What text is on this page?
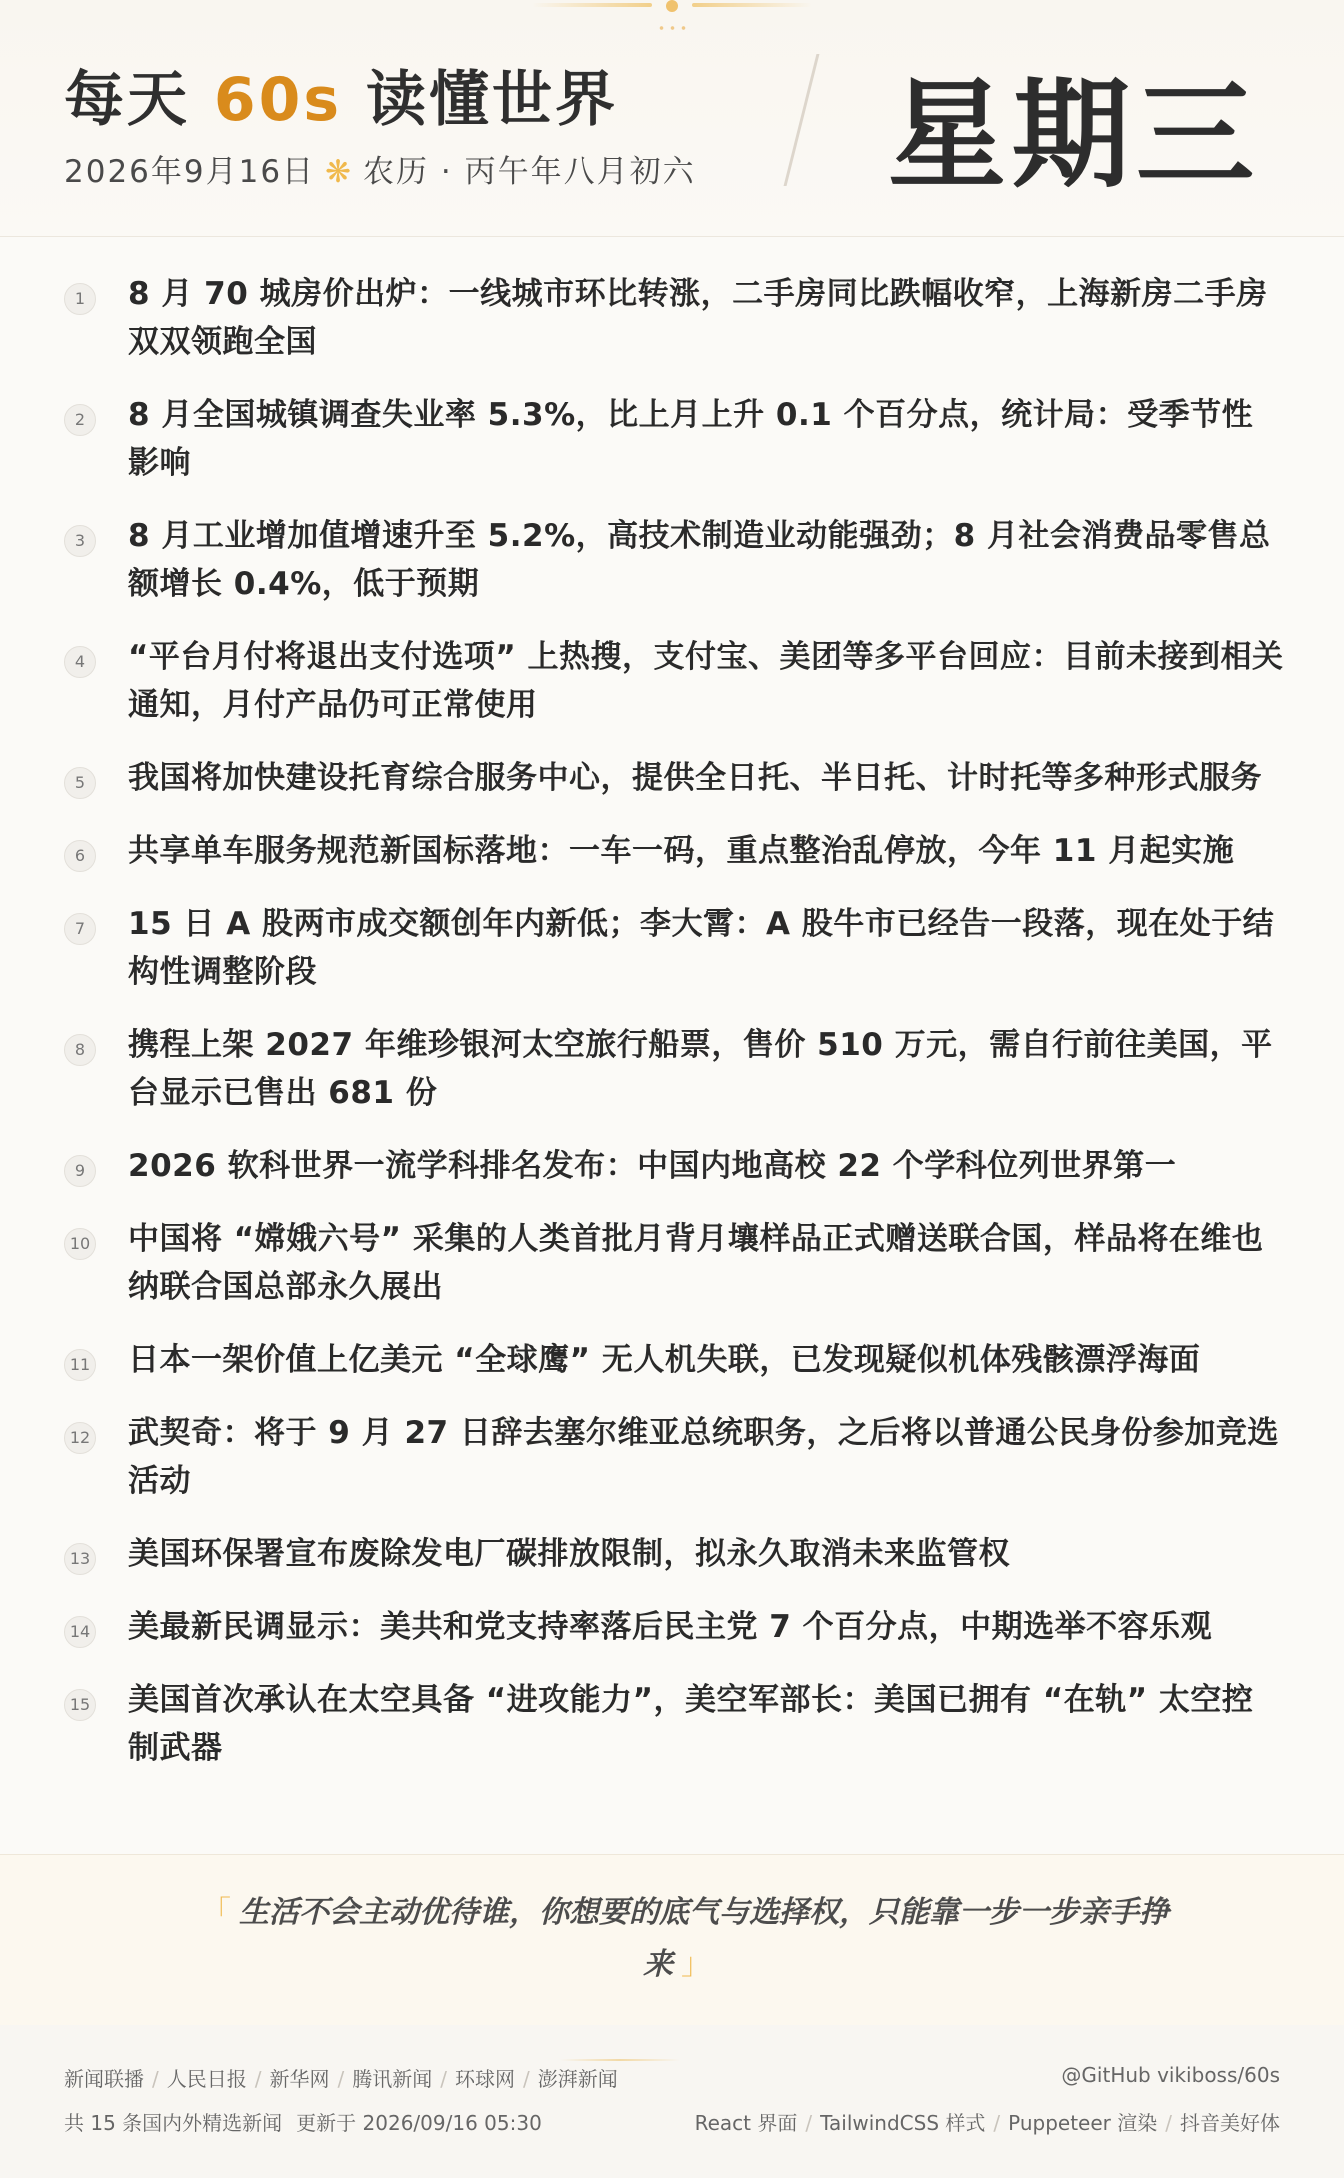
每天 60s 读懂世界
2026年9月16日 ❋ 农历 · 丙午年八月初六 星期三
1	8 月 70 城房价出炉：一线城市环比转涨，二手房同比跌幅收窄，上海新房二手房双双领跑全国
2	8 月全国城镇调查失业率 5.3%，比上月上升 0.1 个百分点，统计局：受季节性影响
3	8 月工业增加值增速升至 5.2%，高技术制造业动能强劲；8 月社会消费品零售总额增长 0.4%，低于预期
4	“平台月付将退出支付选项” 上热搜，支付宝、美团等多平台回应：目前未接到相关通知，月付产品仍可正常使用
5	我国将加快建设托育综合服务中心，提供全日托、半日托、计时托等多种形式服务
6	共享单车服务规范新国标落地：一车一码，重点整治乱停放，今年 11 月起实施
7	15 日 A 股两市成交额创年内新低；李大霄：A 股牛市已经告一段落，现在处于结构性调整阶段
8	携程上架 2027 年维珍银河太空旅行船票，售价 510 万元，需自行前往美国，平台显示已售出 681 份
9	2026 软科世界一流学科排名发布：中国内地高校 22 个学科位列世界第一
10 中国将 “嫦娥六号” 采集的人类首批月背月壤样品正式赠送联合国，样品将在维也纳联合国总部永久展出
11 日本一架价值上亿美元 “全球鹰” 无人机失联，已发现疑似机体残骸漂浮海面
12 武契奇：将于 9 月 27 日辞去塞尔维亚总统职务，之后将以普通公民身份参加竞选活动
13 美国环保署宣布废除发电厂碳排放限制，拟永久取消未来监管权
14 美最新民调显示：美共和党支持率落后民主党 7 个百分点，中期选举不容乐观
15 美国首次承认在太空具备 “进攻能力”，美空军部长：美国已拥有 “在轨” 太空控制武器

「 生活不会主动优待谁，你想要的底气与选择权，只能靠一步一步亲手挣来 」

新闻联播 / 人民日报 / 新华网 / 腾讯新闻 / 环球网 / 澎湃新闻
共 15 条国内外精选新闻 更新于 2026/09/16 05:30
@GitHub vikiboss/60s
React 界面 / TailwindCSS 样式 / Puppeteer 渲染 / 抖音美好体
